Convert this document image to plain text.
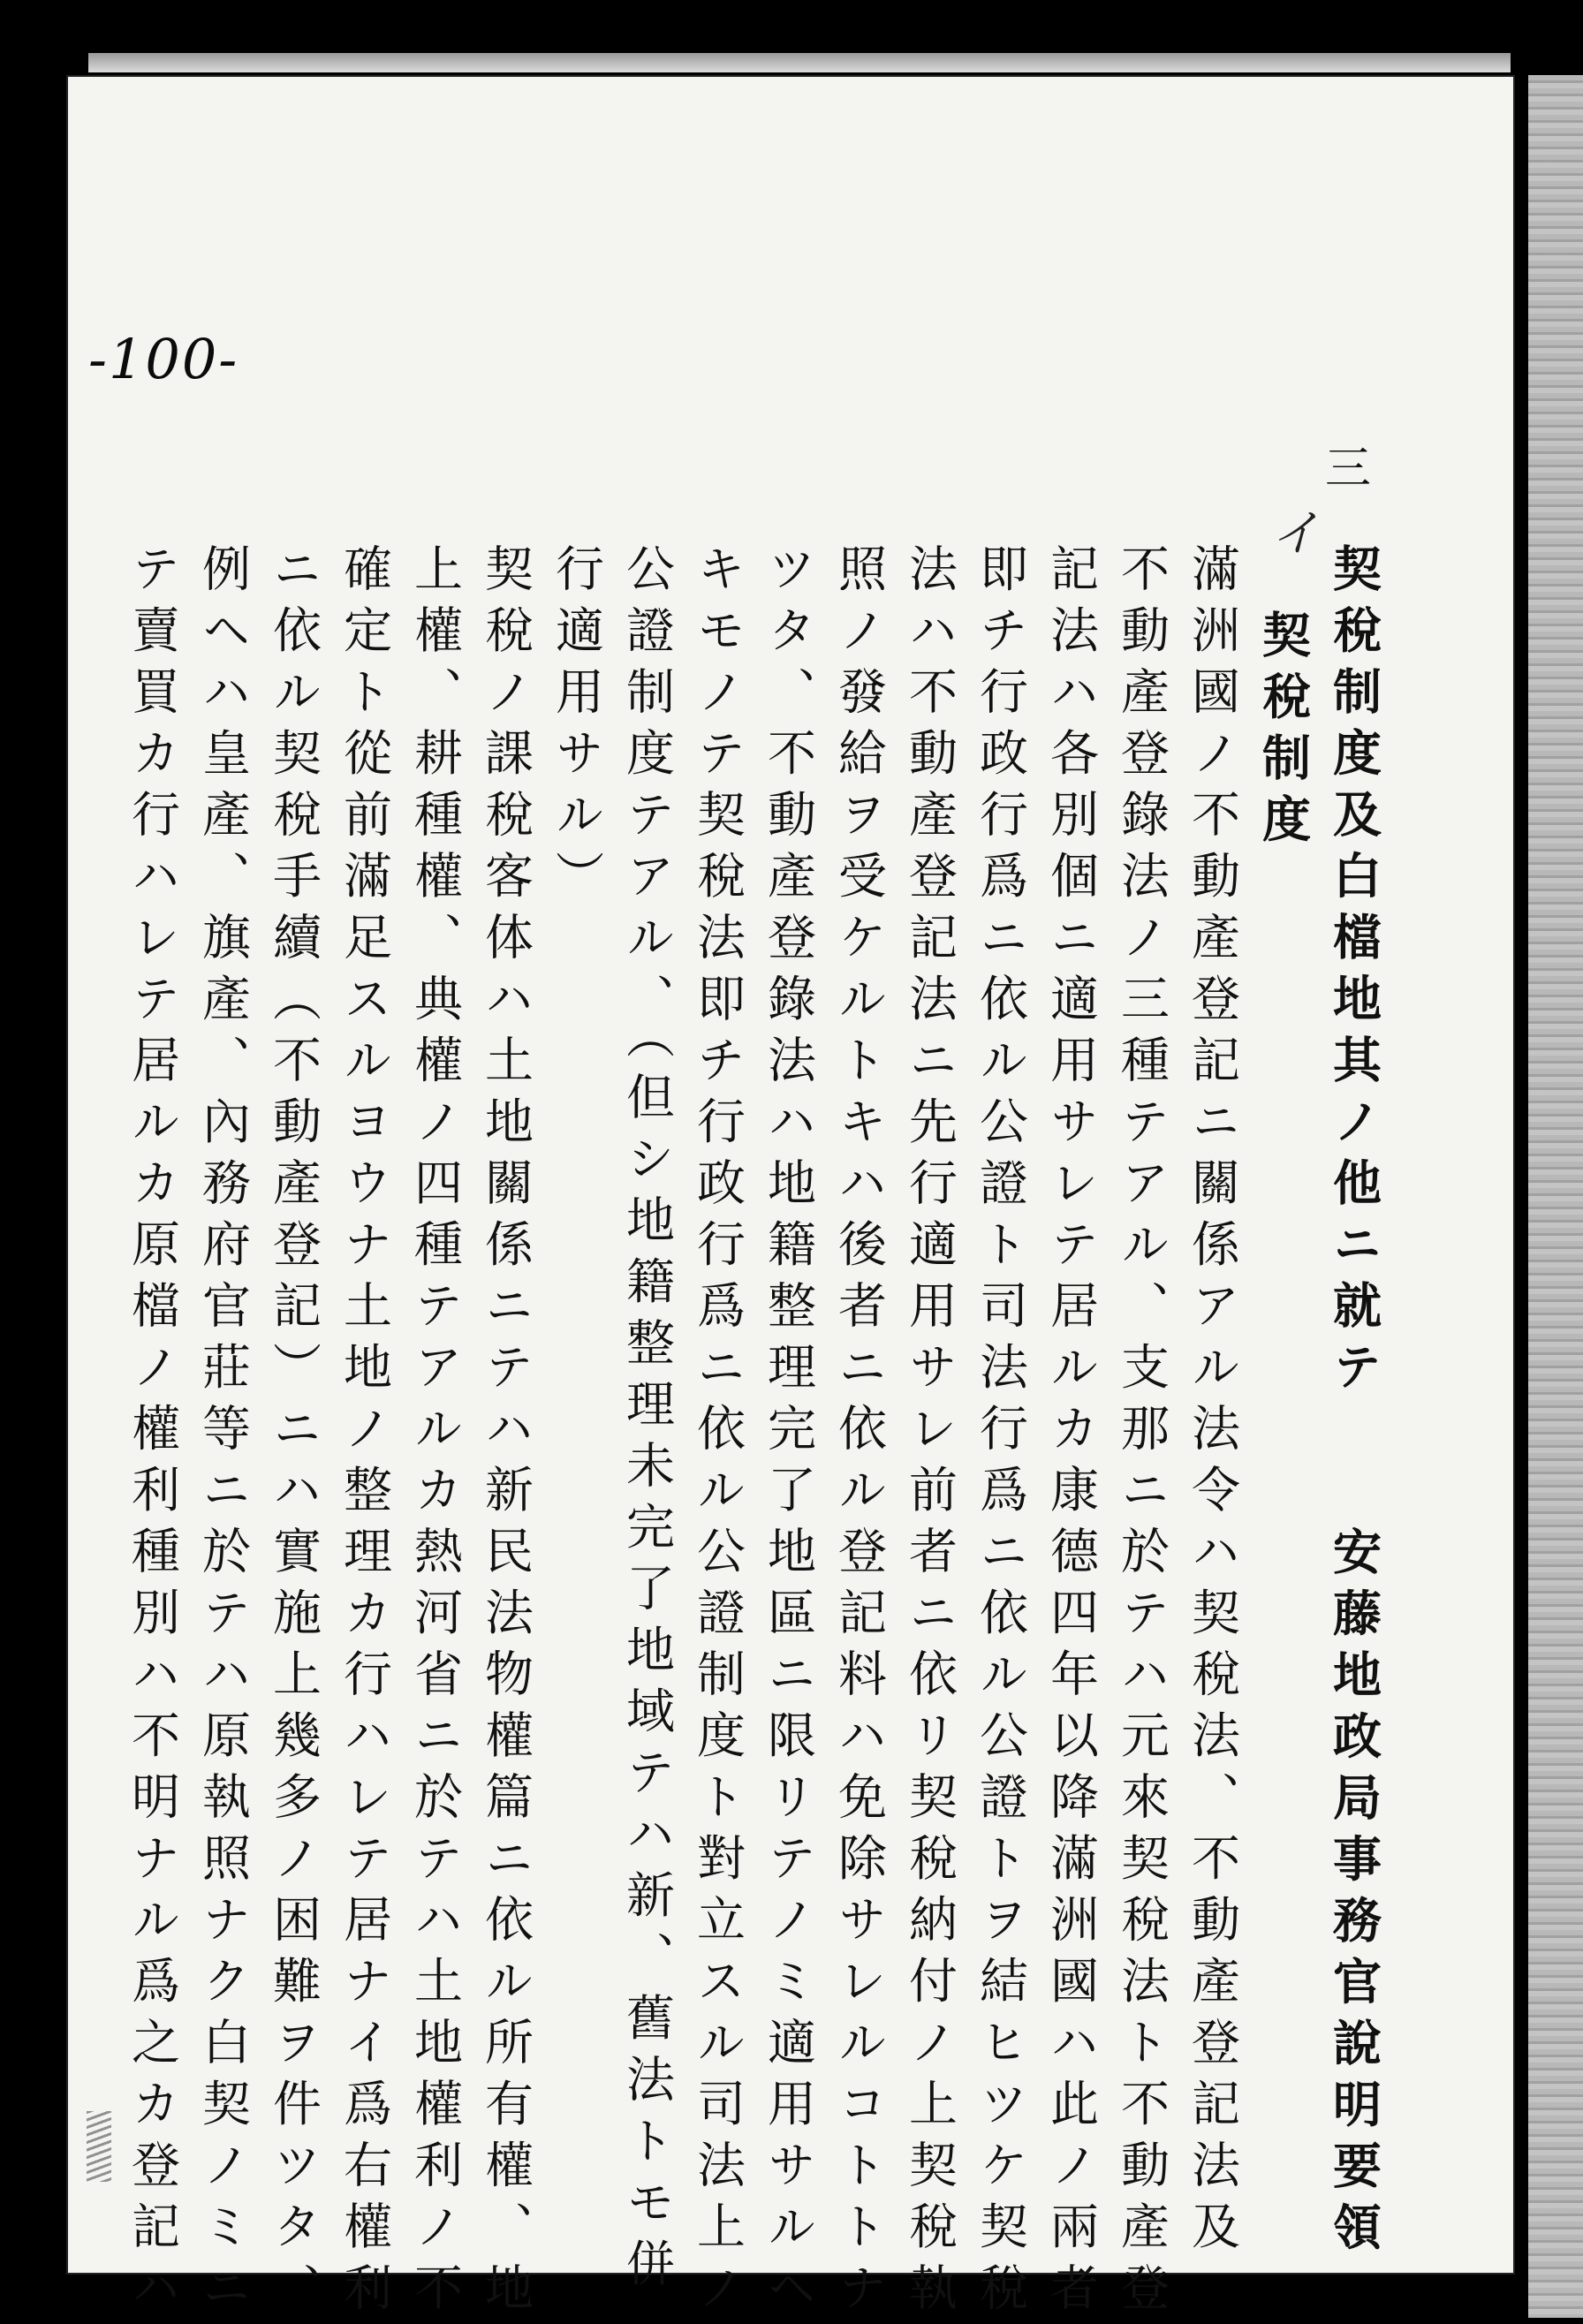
-100-
三
イ
契稅制度及白檔地其ノ他ニ就テ
安藤地政局事務官說明要領
契稅制度
滿洲國ノ不動產登記ニ關係アル法令ハ契稅法、不動產登記法及
不動產登錄法ノ三種テアル、支那ニ於テハ元來契稅法ト不動產登
記法ハ各別個ニ適用サレテ居ルカ康德四年以降滿洲國ハ此ノ兩者
即チ行政行爲ニ依ル公證ト司法行爲ニ依ル公證トヲ結ヒツケ契稅
法ハ不動產登記法ニ先行適用サレ前者ニ依リ契稅納付ノ上契稅執
照ノ發給ヲ受ケルトキハ後者ニ依ル登記料ハ免除サレルコトトナ
ツタ、不動產登錄法ハ地籍整理完了地區ニ限リテノミ適用サルヘ
キモノテ契稅法即チ行政行爲ニ依ル公證制度ト對立スル司法上ノ
公證制度テアル、（但シ地籍整理未完了地域テハ新、舊法トモ併
行適用サル）
契稅ノ課稅客体ハ土地關係ニテハ新民法物權篇ニ依ル所有權、地
上權、耕種權、典權ノ四種テアルカ熱河省ニ於テハ土地權利ノ不
確定ト從前滿足スルヨウナ土地ノ整理カ行ハレテ居ナイ爲右權利
ニ依ル契稅手續（不動產登記）ニハ實施上幾多ノ困難ヲ件ツタ、
例ヘハ皇產、旗產、內務府官莊等ニ於テハ原執照ナク白契ノミニ
テ賣買カ行ハレテ居ルカ原檔ノ權利種別ハ不明ナル爲之カ登記ハ
